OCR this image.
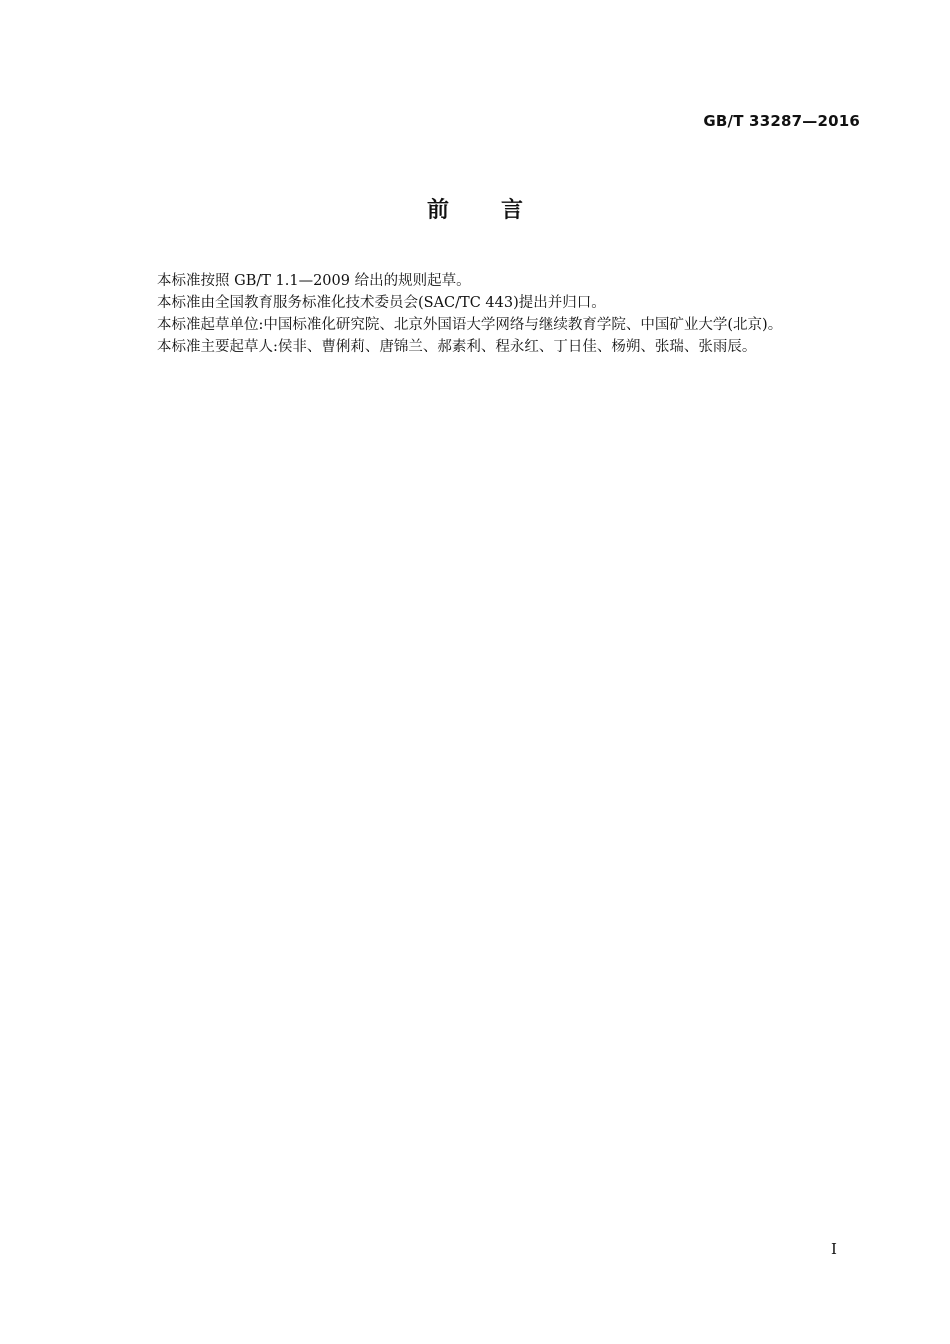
GB/T 33287—2016
前言

本标准按照 GB/T 1.1—2009 给出的规则起草。

本标准由全国教育服务标准化技术委员会(SAC/TC 443)提出并归口。

本标准起草单位:中国标准化研究院、北京外国语大学网络与继续教育学院、中国矿业大学(北京)。

本标准主要起草人:侯非、曹俐莉、唐锦兰、郝素利、程永红、丁日佳、杨朔、张瑞、张雨辰。

I
